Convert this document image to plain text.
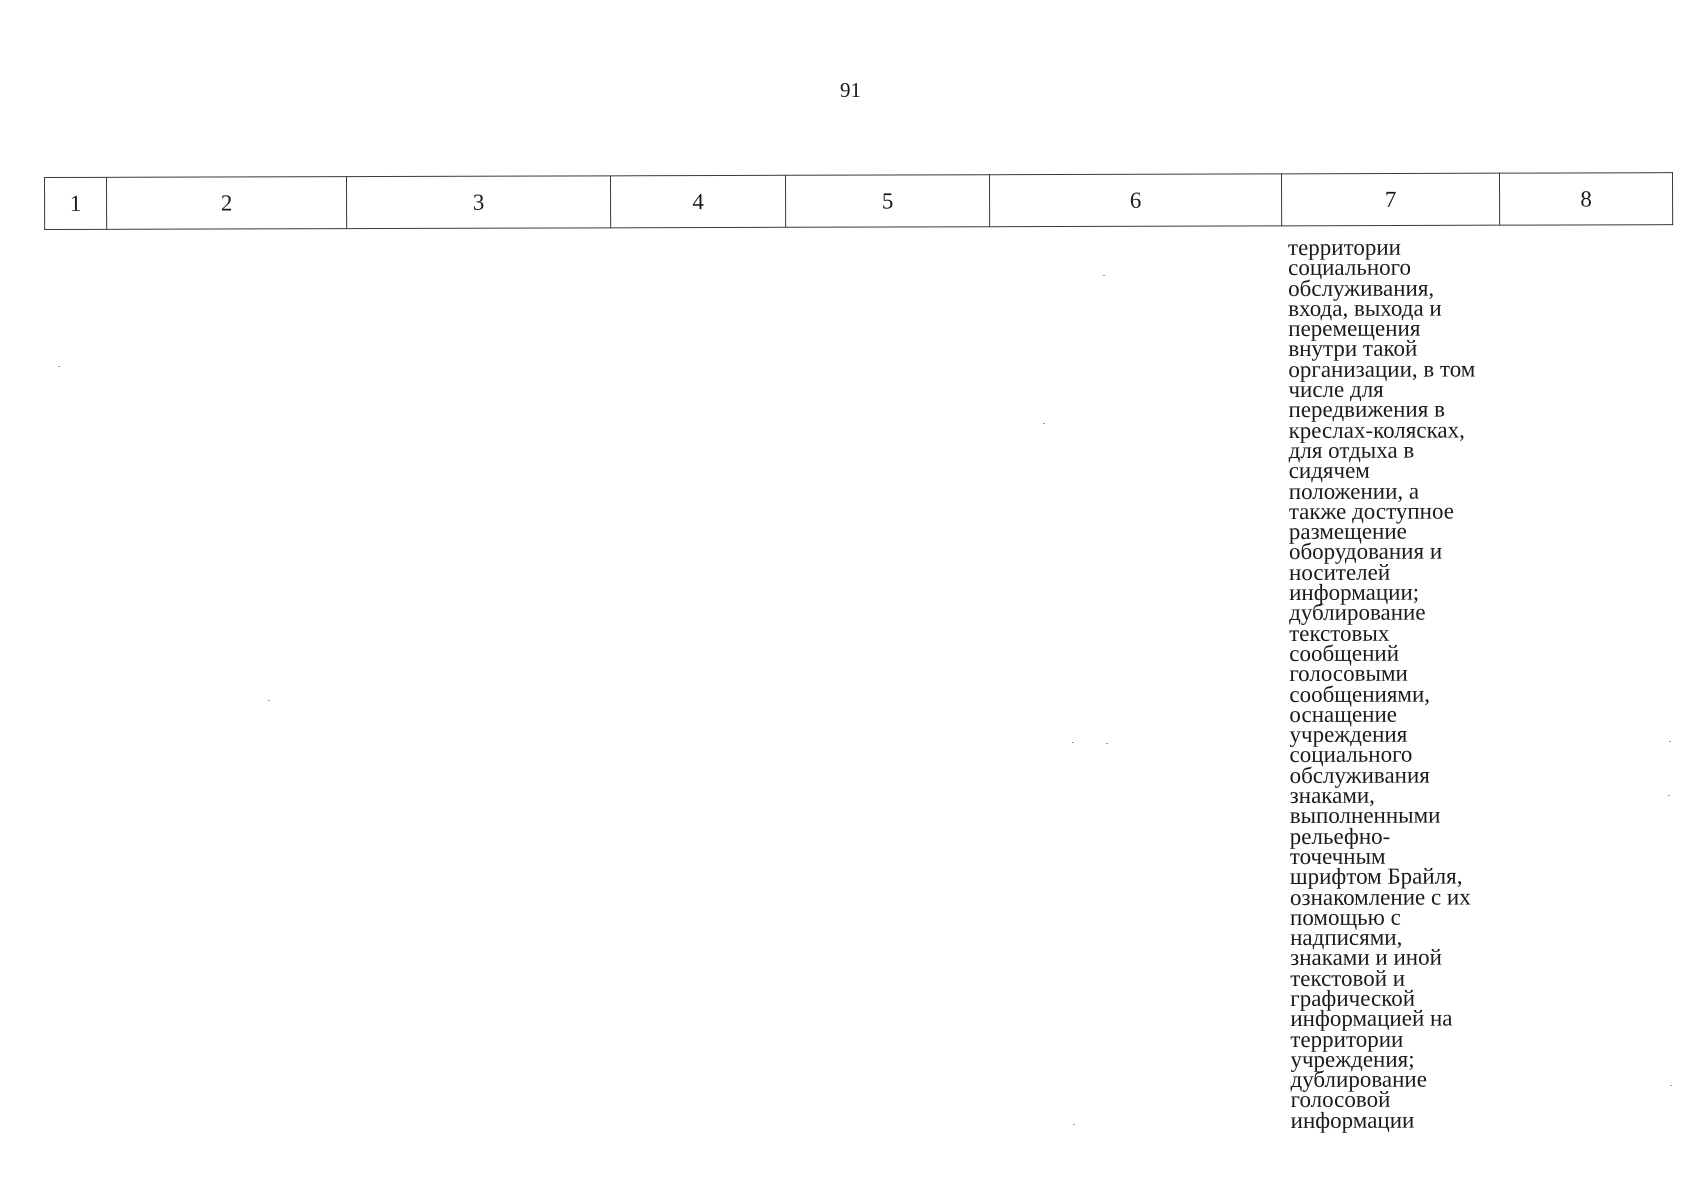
91
1	2	3	4	5	6	7	8
территории
социального
обслуживания,
входа, выхода и
перемещения
внутри такой
организации, в том
числе для
передвижения в
креслах-колясках,
для отдыха в
сидячем
положении, а
также доступное
размещение
оборудования и
носителей
информации;
дублирование
текстовых
сообщений
голосовыми
сообщениями,
оснащение
учреждения
социального
обслуживания
знаками,
выполненными
рельефно-
точечным
шрифтом Брайля,
ознакомление с их
помощью с
надписями,
знаками и иной
текстовой и
графической
информацией на
территории
учреждения;
дублирование
голосовой
информации
